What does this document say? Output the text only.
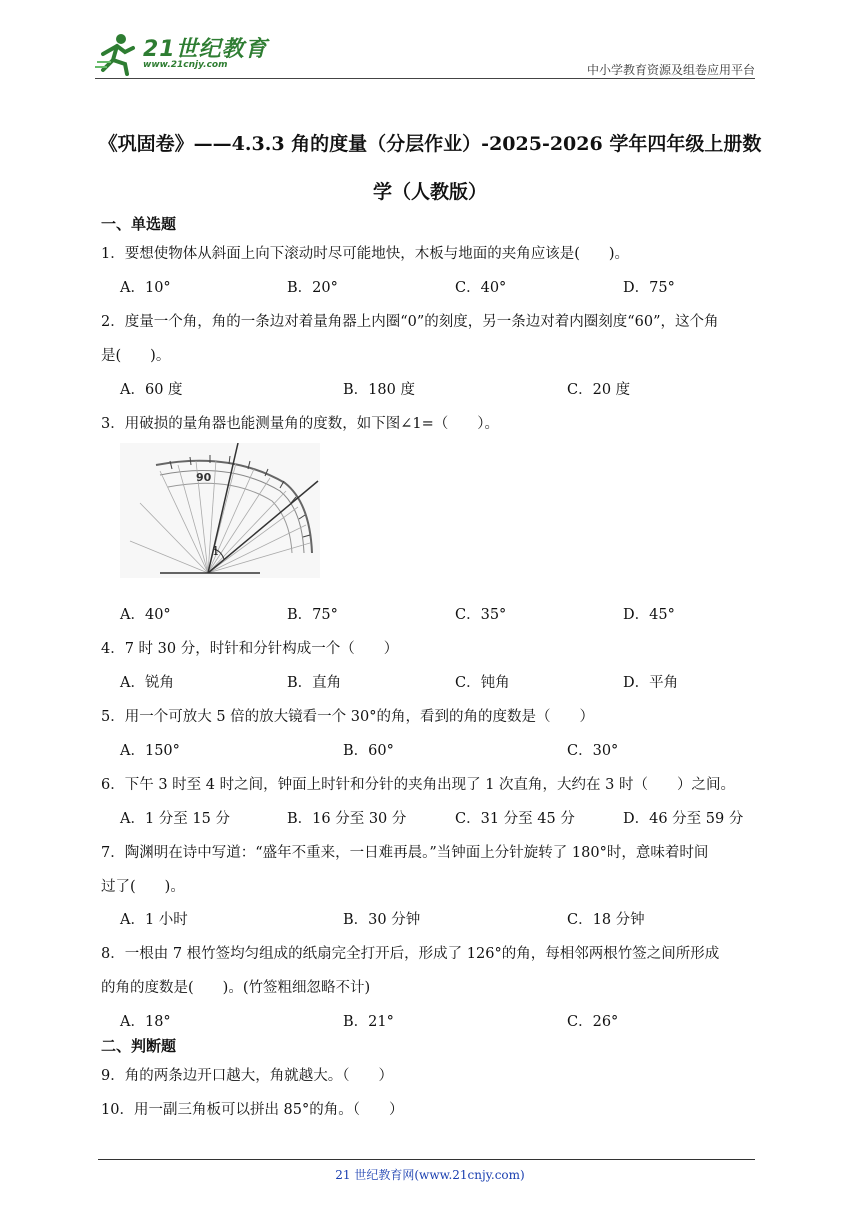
21世纪教育
www.21cnjy.com	中小学教育资源及组卷应用平台
《巩固卷》——4.3.3 角的度量（分层作业）-2025-2026 学年四年级上册数
学（人教版）
一、单选题
1．要想使物体从斜面上向下滚动时尽可能地快，木板与地面的夹角应该是(　　)。
A．10°	B．20°	C．40°	D．75°
2．度量一个角，角的一条边对着量角器上内圈“0”的刻度，另一条边对着内圈刻度“60”，这个角
是(　　)。
A．60 度	B．180 度	C．20 度
3．用破损的量角器也能测量角的度数，如下图∠1=（　　）。
90
1
A．40°	B．75°	C．35°	D．45°
4．7 时 30 分，时针和分针构成一个（　　）
A．锐角	B．直角	C．钝角	D．平角
5．用一个可放大 5 倍的放大镜看一个 30°的角，看到的角的度数是（　　）
A．150°	B．60°	C．30°
6．下午 3 时至 4 时之间，钟面上时针和分针的夹角出现了 1 次直角，大约在 3 时（　　）之间。
A．1 分至 15 分	B．16 分至 30 分	C．31 分至 45 分	D．46 分至 59 分
7．陶渊明在诗中写道：“盛年不重来，一日难再晨。”当钟面上分针旋转了 180°时，意味着时间
过了(　　)。
A．1 小时	B．30 分钟	C．18 分钟
8．一根由 7 根竹签均匀组成的纸扇完全打开后，形成了 126°的角，每相邻两根竹签之间所形成
的角的度数是(　　)。(竹签粗细忽略不计)
A．18°	B．21°	C．26°
二、判断题
9．角的两条边开口越大，角就越大。（　　）
10．用一副三角板可以拼出 85°的角。（　　）
21 世纪教育网(www.21cnjy.com)
